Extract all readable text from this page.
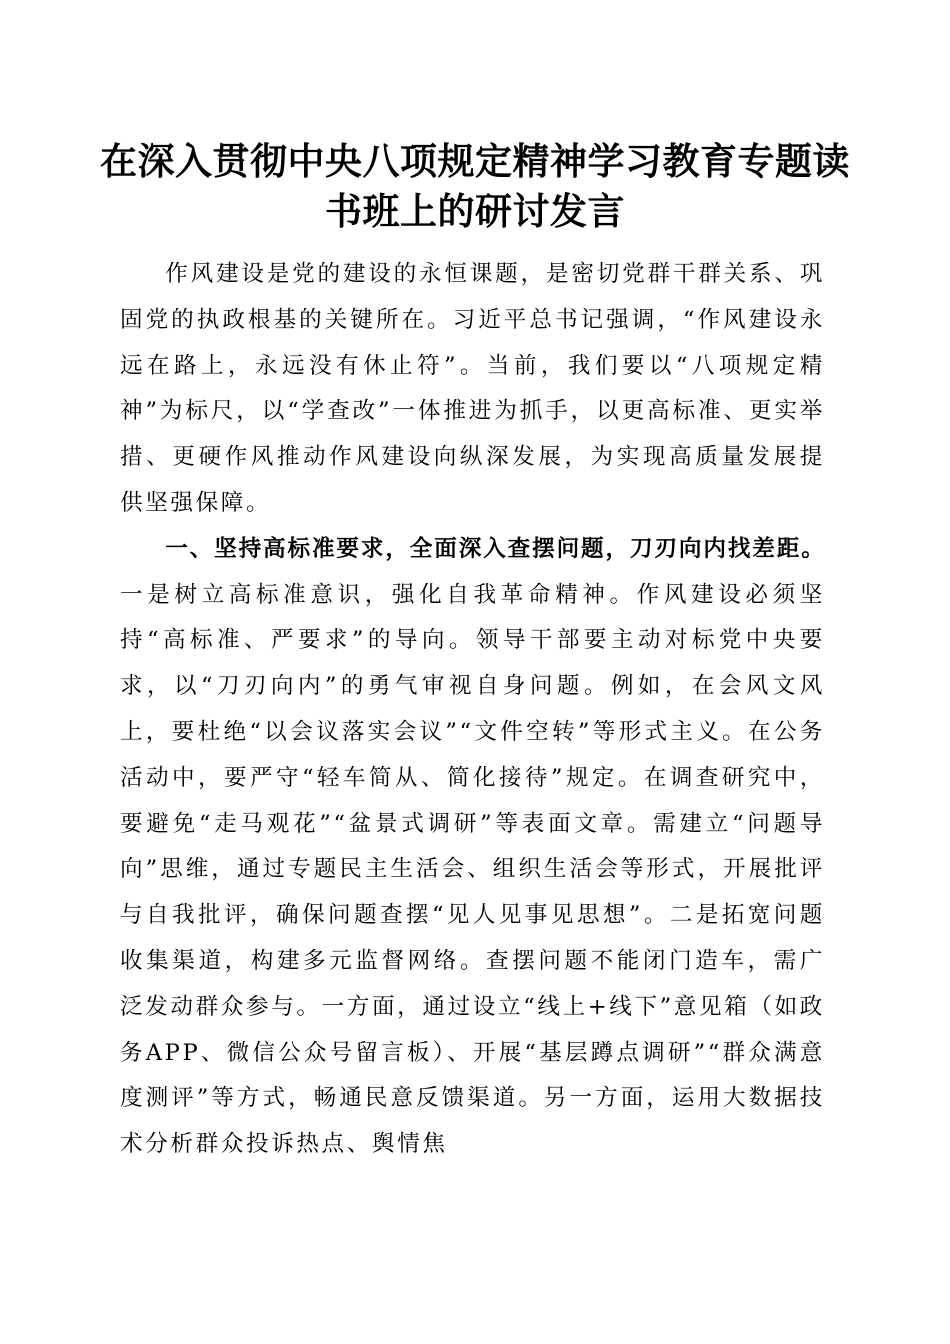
在深入贯彻中央八项规定精神学习教育专题读
书班上的研讨发言

作风建设是党的建设的永恒课题，是密切党群干群关系、巩固党的执政根基的关键所在。习近平总书记强调，“作风建设永远在路上，永远没有休止符”。当前，我们要以“八项规定精神”为标尺，以“学查改”一体推进为抓手，以更高标准、更实举措、更硬作风推动作风建设向纵深发展，为实现高质量发展提供坚强保障。

一、坚持高标准要求，全面深入查摆问题，刀刃向内找差距。一是树立高标准意识，强化自我革命精神。作风建设必须坚持“高标准、严要求”的导向。领导干部要主动对标党中央要求，以“刀刃向内”的勇气审视自身问题。例如，在会风文风上，要杜绝“以会议落实会议”“文件空转”等形式主义。在公务活动中，要严守“轻车简从、简化接待”规定。在调查研究中，要避免“走马观花”“盆景式调研”等表面文章。需建立“问题导向”思维，通过专题民主生活会、组织生活会等形式，开展批评与自我批评，确保问题查摆“见人见事见思想”。二是拓宽问题收集渠道，构建多元监督网络。查摆问题不能闭门造车，需广泛发动群众参与。一方面，通过设立“线上+线下”意见箱（如政务APP、微信公众号留言板）、开展“基层蹲点调研”“群众满意度测评”等方式，畅通民意反馈渠道。另一方面，运用大数据技术分析群众投诉热点、舆情焦
